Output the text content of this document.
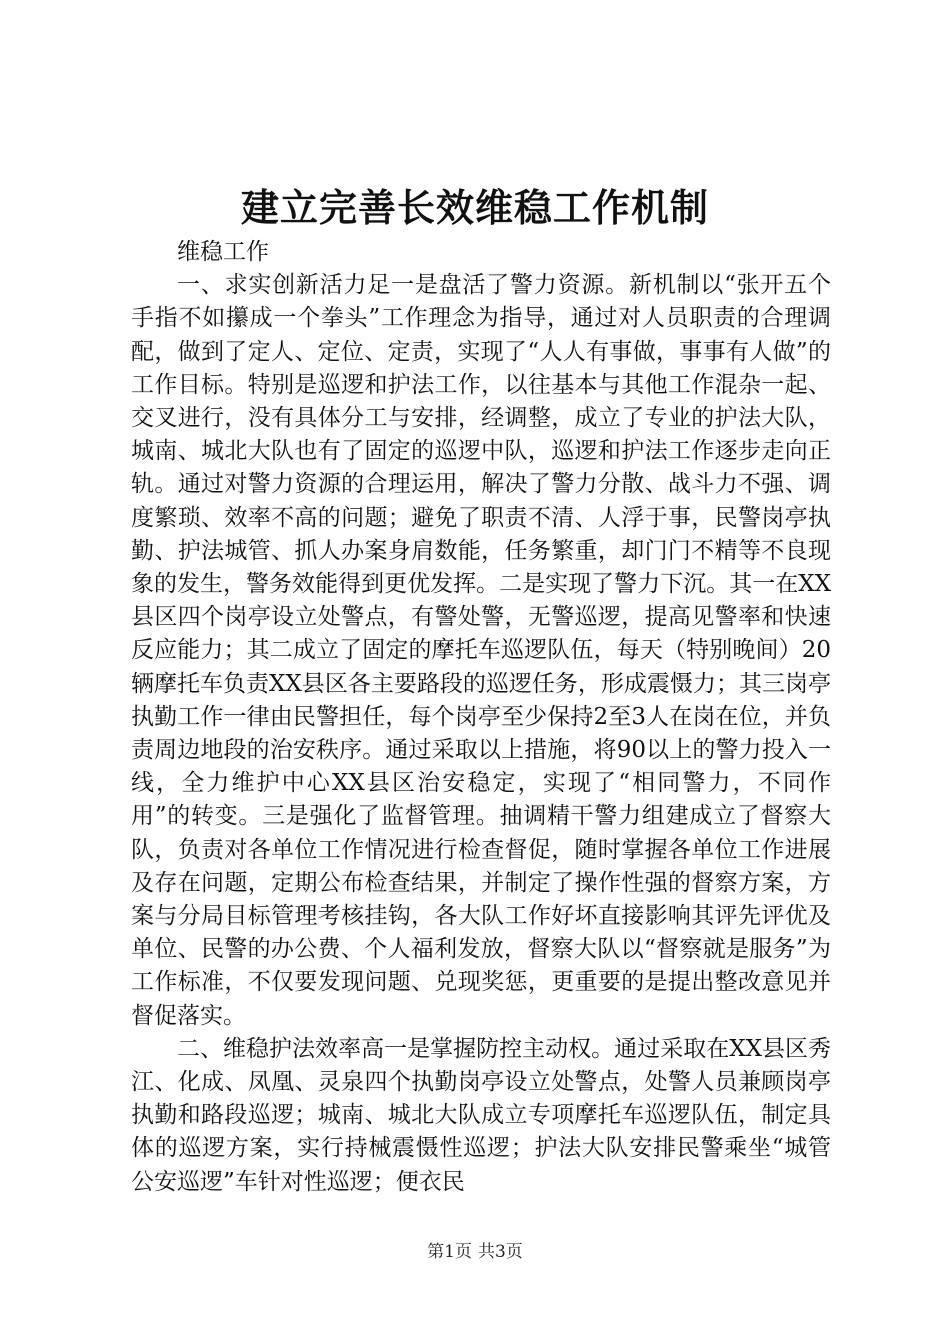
建立完善长效维稳工作机制

维稳工作

一、求实创新活力足一是盘活了警力资源。新机制以“张开五个手指不如攥成一个拳头”工作理念为指导，通过对人员职责的合理调配，做到了定人、定位、定责，实现了“人人有事做，事事有人做”的工作目标。特别是巡逻和护法工作，以往基本与其他工作混杂一起、交叉进行，没有具体分工与安排，经调整，成立了专业的护法大队，城南、城北大队也有了固定的巡逻中队，巡逻和护法工作逐步走向正轨。通过对警力资源的合理运用，解决了警力分散、战斗力不强、调度繁琐、效率不高的问题；避免了职责不清、人浮于事，民警岗亭执勤、护法城管、抓人办案身肩数能，任务繁重，却门门不精等不良现象的发生，警务效能得到更优发挥。二是实现了警力下沉。其一在XX县区四个岗亭设立处警点，有警处警，无警巡逻，提高见警率和快速反应能力；其二成立了固定的摩托车巡逻队伍，每天（特别晚间）20辆摩托车负责XX县区各主要路段的巡逻任务，形成震慑力；其三岗亭执勤工作一律由民警担任，每个岗亭至少保持2至3人在岗在位，并负责周边地段的治安秩序。通过采取以上措施，将90以上的警力投入一线，全力维护中心XX县区治安稳定，实现了“相同警力，不同作用”的转变。三是强化了监督管理。抽调精干警力组建成立了督察大队，负责对各单位工作情况进行检查督促，随时掌握各单位工作进展及存在问题，定期公布检查结果，并制定了操作性强的督察方案，方案与分局目标管理考核挂钩，各大队工作好坏直接影响其评先评优及单位、民警的办公费、个人福利发放，督察大队以“督察就是服务”为工作标准，不仅要发现问题、兑现奖惩，更重要的是提出整改意见并督促落实。

二、维稳护法效率高一是掌握防控主动权。通过采取在XX县区秀江、化成、凤凰、灵泉四个执勤岗亭设立处警点，处警人员兼顾岗亭执勤和路段巡逻；城南、城北大队成立专项摩托车巡逻队伍，制定具体的巡逻方案，实行持械震慑性巡逻；护法大队安排民警乘坐“城管公安巡逻”车针对性巡逻；便衣民

第1页 共3页
